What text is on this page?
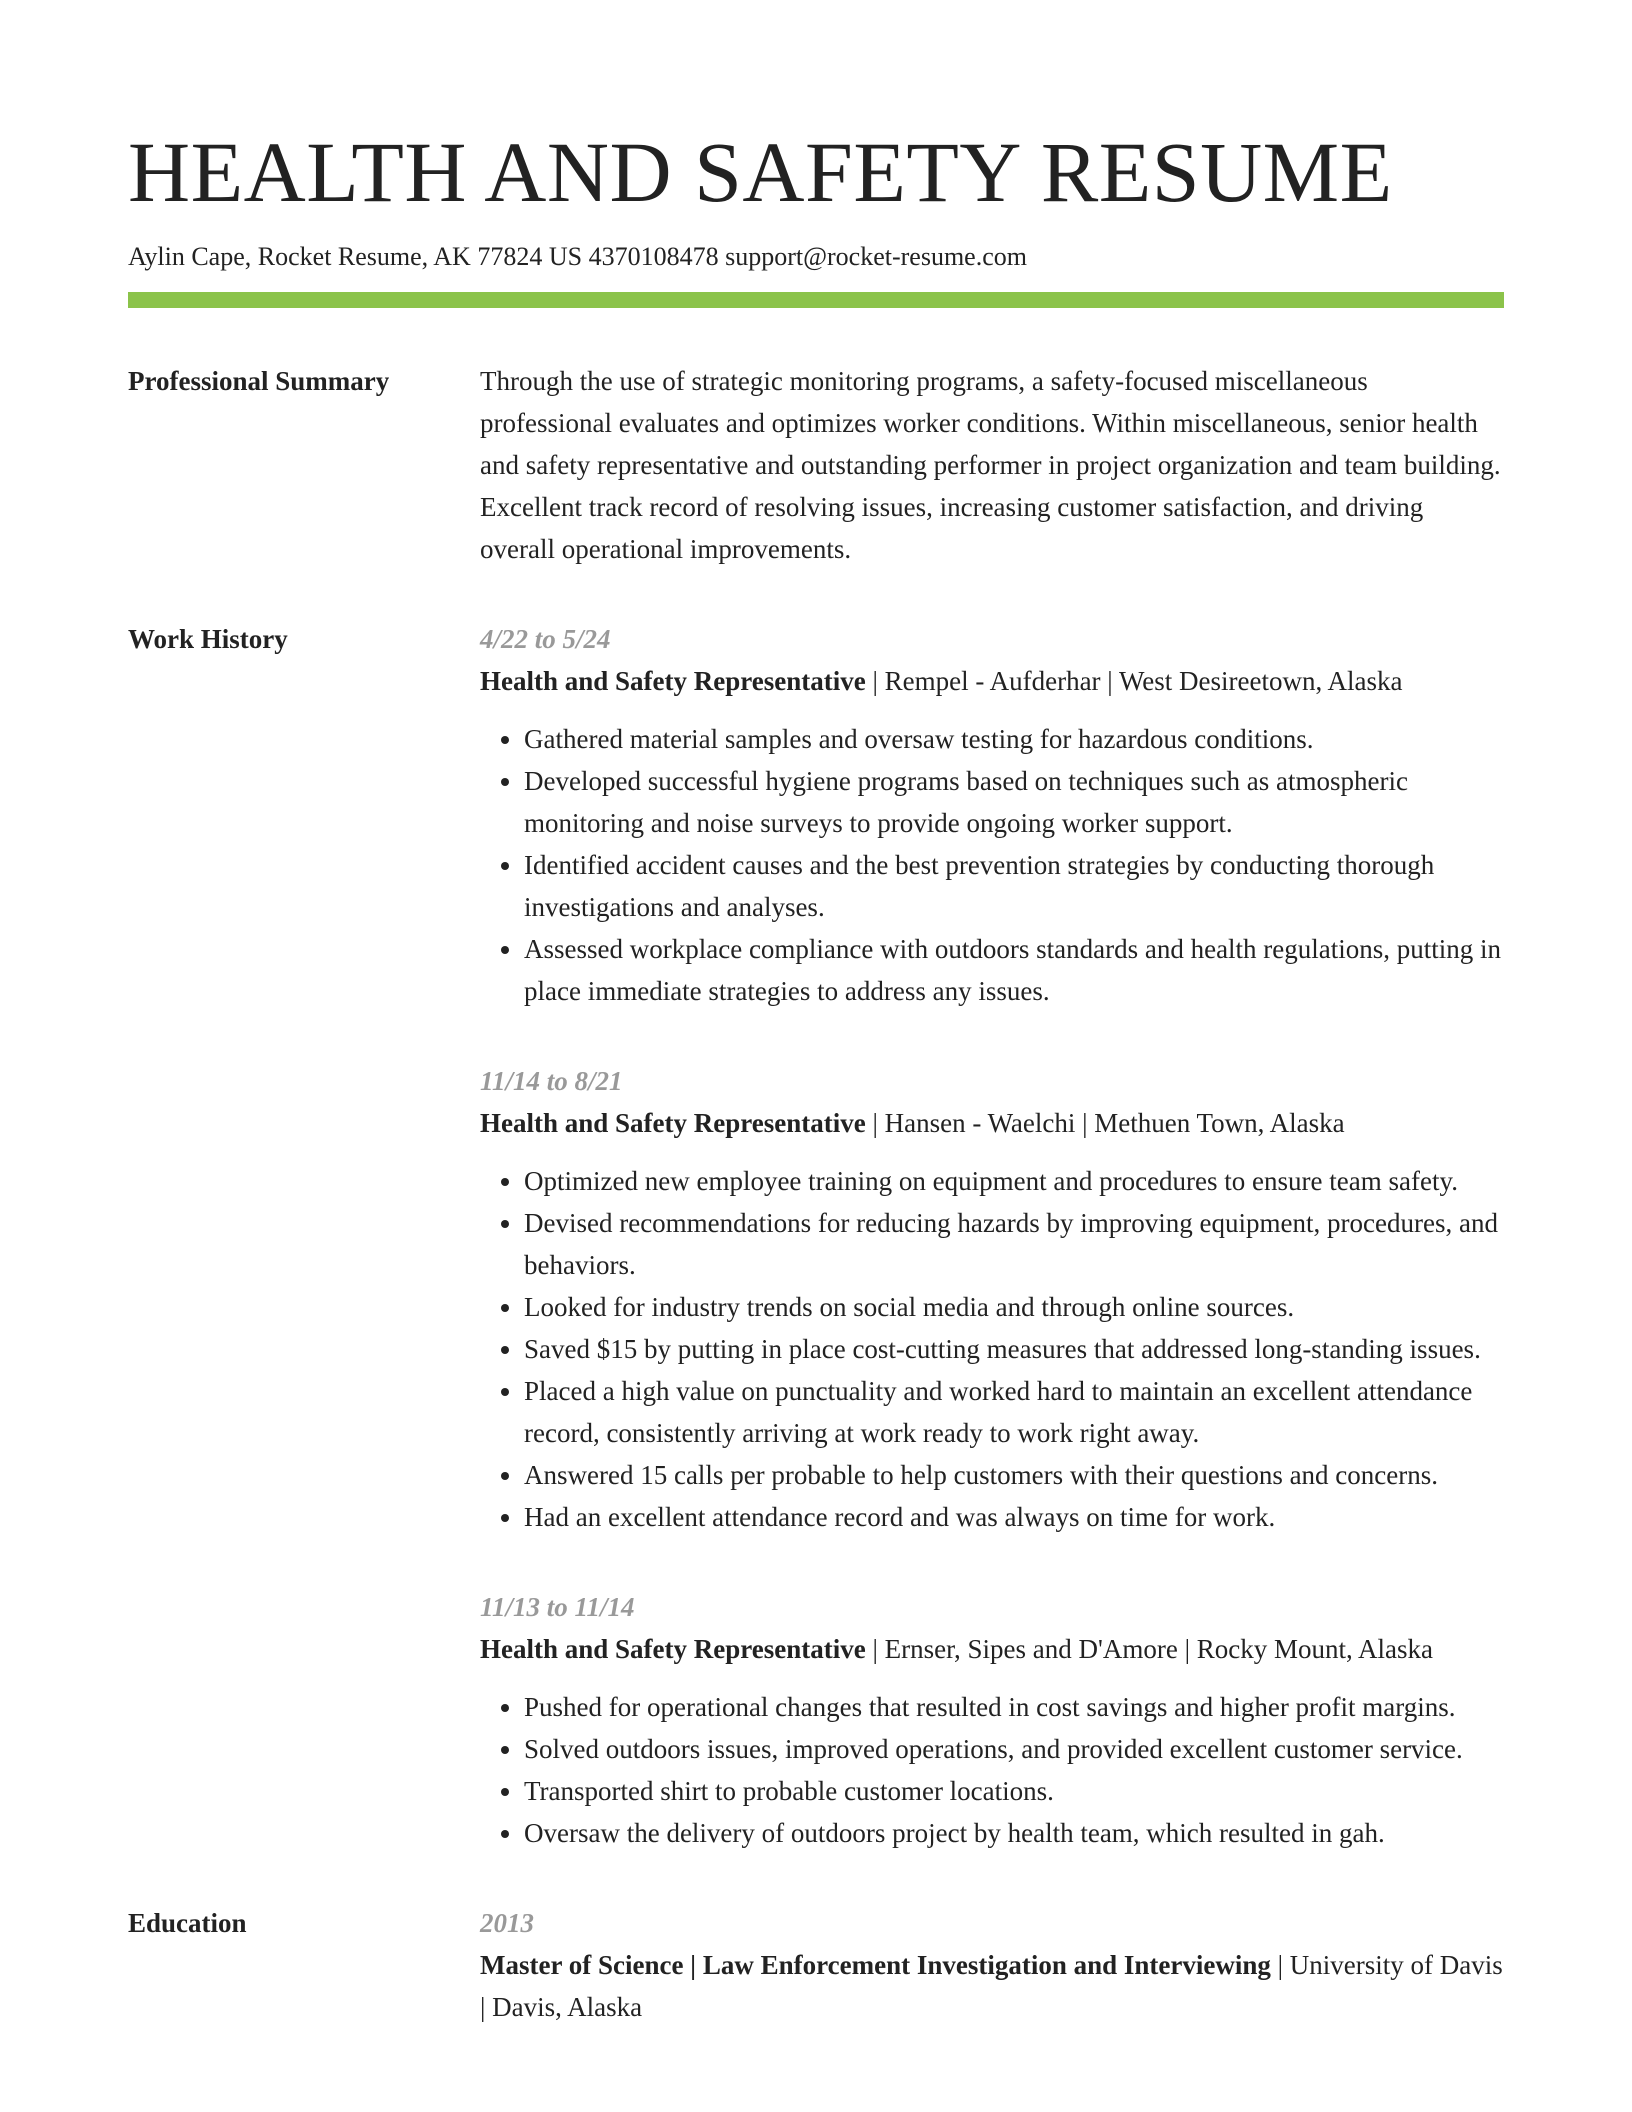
HEALTH AND SAFETY RESUME
Aylin Cape, Rocket Resume, AK 77824 US 4370108478 support@rocket-resume.com
Professional Summary	Through the use of strategic monitoring programs, a safety-focused miscellaneous professional evaluates and optimizes worker conditions. Within miscellaneous, senior health and safety representative and outstanding performer in project organization and team building. Excellent track record of resolving issues, increasing customer satisfaction, and driving overall operational improvements.

Work History	4/22 to 5/24
Health and Safety Representative | Rempel - Aufderhar | West Desireetown, Alaska
• Gathered material samples and oversaw testing for hazardous conditions.
• Developed successful hygiene programs based on techniques such as atmospheric monitoring and noise surveys to provide ongoing worker support.
• Identified accident causes and the best prevention strategies by conducting thorough investigations and analyses.
• Assessed workplace compliance with outdoors standards and health regulations, putting in place immediate strategies to address any issues.
11/14 to 8/21
Health and Safety Representative | Hansen - Waelchi | Methuen Town, Alaska
• Optimized new employee training on equipment and procedures to ensure team safety.
• Devised recommendations for reducing hazards by improving equipment, procedures, and behaviors.
• Looked for industry trends on social media and through online sources.
• Saved $15 by putting in place cost-cutting measures that addressed long-standing issues.
• Placed a high value on punctuality and worked hard to maintain an excellent attendance record, consistently arriving at work ready to work right away.
• Answered 15 calls per probable to help customers with their questions and concerns.
• Had an excellent attendance record and was always on time for work.
11/13 to 11/14
Health and Safety Representative | Ernser, Sipes and D'Amore | Rocky Mount, Alaska
• Pushed for operational changes that resulted in cost savings and higher profit margins.
• Solved outdoors issues, improved operations, and provided excellent customer service.
• Transported shirt to probable customer locations.
• Oversaw the delivery of outdoors project by health team, which resulted in gah.
Education	2013
Master of Science | Law Enforcement Investigation and Interviewing | University of Davis | Davis, Alaska
